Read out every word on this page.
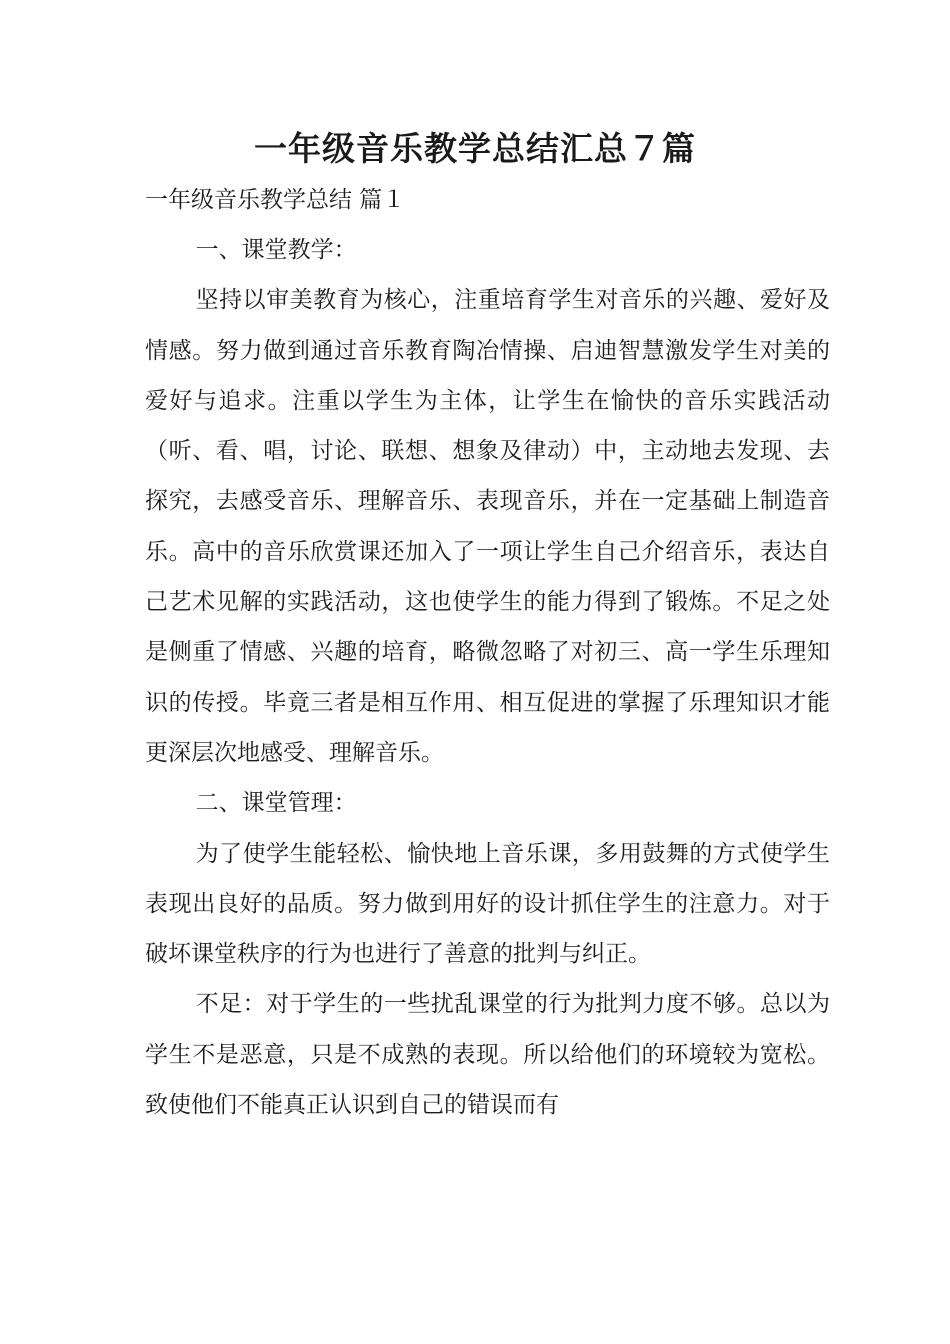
一年级音乐教学总结汇总７篇
一年级音乐教学总结 篇１

一、课堂教学：

坚持以审美教育为核心，注重培育学生对音乐的兴趣、爱好及情感。努力做到通过音乐教育陶冶情操、启迪智慧激发学生对美的爱好与追求。注重以学生为主体，让学生在愉快的音乐实践活动（听、看、唱，讨论、联想、想象及律动）中，主动地去发现、去探究，去感受音乐、理解音乐、表现音乐，并在一定基础上制造音乐。高中的音乐欣赏课还加入了一项让学生自己介绍音乐，表达自己艺术见解的实践活动，这也使学生的能力得到了锻炼。不足之处是侧重了情感、兴趣的培育，略微忽略了对初三、高一学生乐理知识的传授。毕竟三者是相互作用、相互促进的掌握了乐理知识才能更深层次地感受、理解音乐。

二、课堂管理：

为了使学生能轻松、愉快地上音乐课，多用鼓舞的方式使学生表现出良好的品质。努力做到用好的设计抓住学生的注意力。对于破坏课堂秩序的行为也进行了善意的批判与纠正。

不足：对于学生的一些扰乱课堂的行为批判力度不够。总以为学生不是恶意，只是不成熟的表现。所以给他们的环境较为宽松。致使他们不能真正认识到自己的错误而有
